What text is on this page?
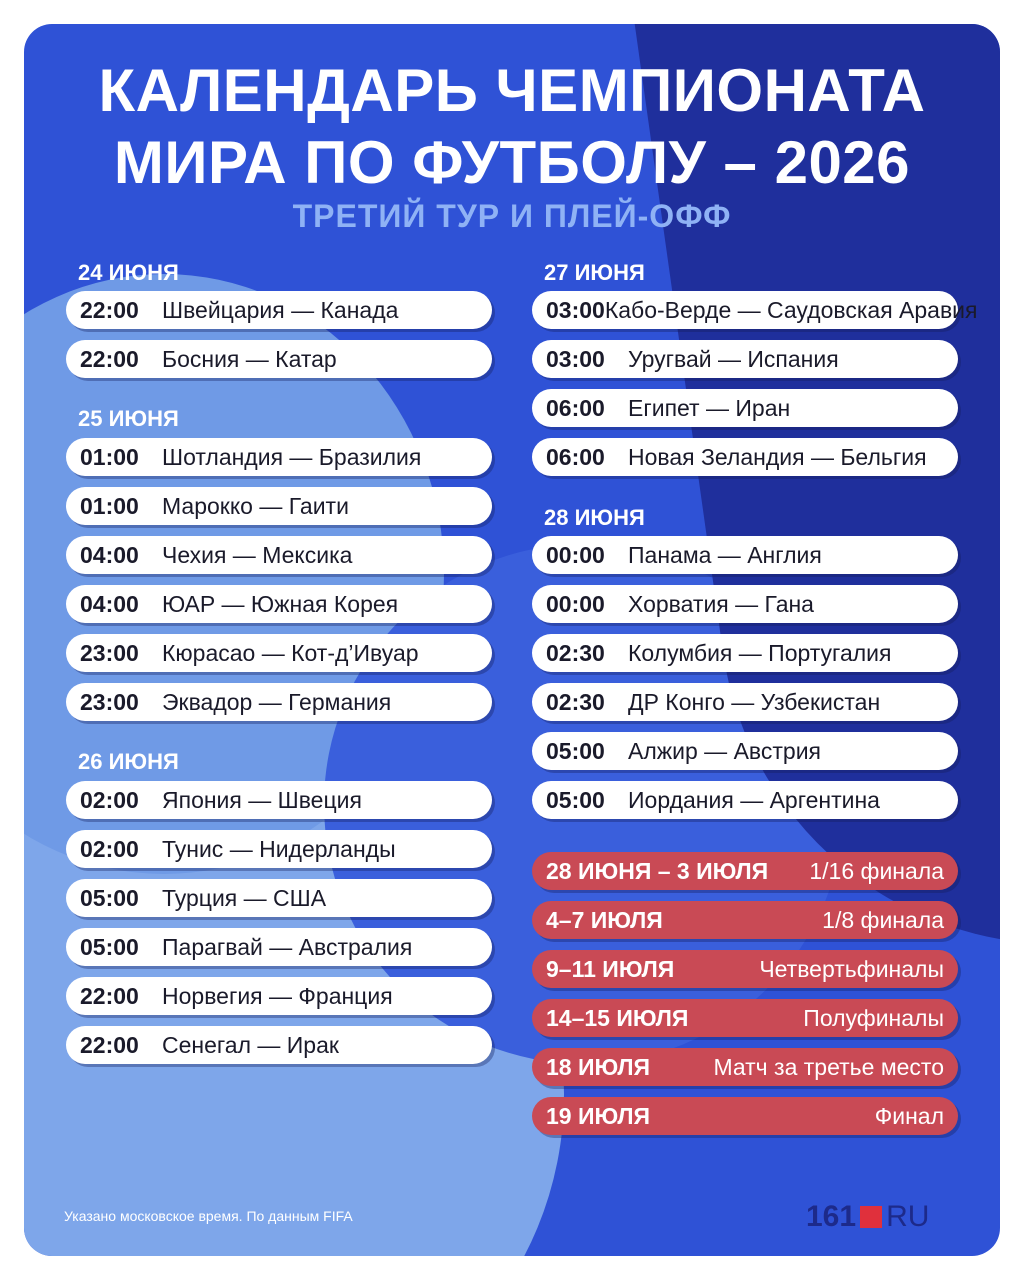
КАЛЕНДАРЬ ЧЕМПИОНАТА
МИРА ПО ФУТБОЛУ – 2026
ТРЕТИЙ ТУР И ПЛЕЙ-ОФФ
24 ИЮНЯ
22:00	Швейцария — Канада
22:00	Босния — Катар
25 ИЮНЯ
01:00	Шотландия — Бразилия
01:00	Марокко — Гаити
04:00	Чехия — Мексика
04:00	ЮАР — Южная Корея
23:00	Кюрасао — Кот-д’Ивуар
23:00	Эквадор — Германия
26 ИЮНЯ
02:00	Япония — Швеция
02:00	Тунис — Нидерланды
05:00	Турция — США
05:00	Парагвай — Австралия
22:00	Норвегия — Франция
22:00	Сенегал — Ирак
27 ИЮНЯ
03:00 Кабо-Верде — Саудовская Аравия
03:00	Уругвай — Испания
06:00	Египет — Иран
06:00	Новая Зеландия — Бельгия
28 ИЮНЯ
00:00	Панама — Англия
00:00	Хорватия — Гана
02:30	Колумбия — Португалия
02:30	ДР Конго — Узбекистан
05:00	Алжир — Австрия
05:00	Иордания — Аргентина
28 ИЮНЯ – 3 ИЮЛЯ 1/16 финала
4–7 ИЮЛЯ	1/8 финала
9–11 ИЮЛЯ	Четвертьфиналы
14–15 ИЮЛЯ	Полуфиналы
18 ИЮЛЯ	Матч за третье место
19 ИЮЛЯ	Финал
Указано московское время. По данным FIFA	161 RU
